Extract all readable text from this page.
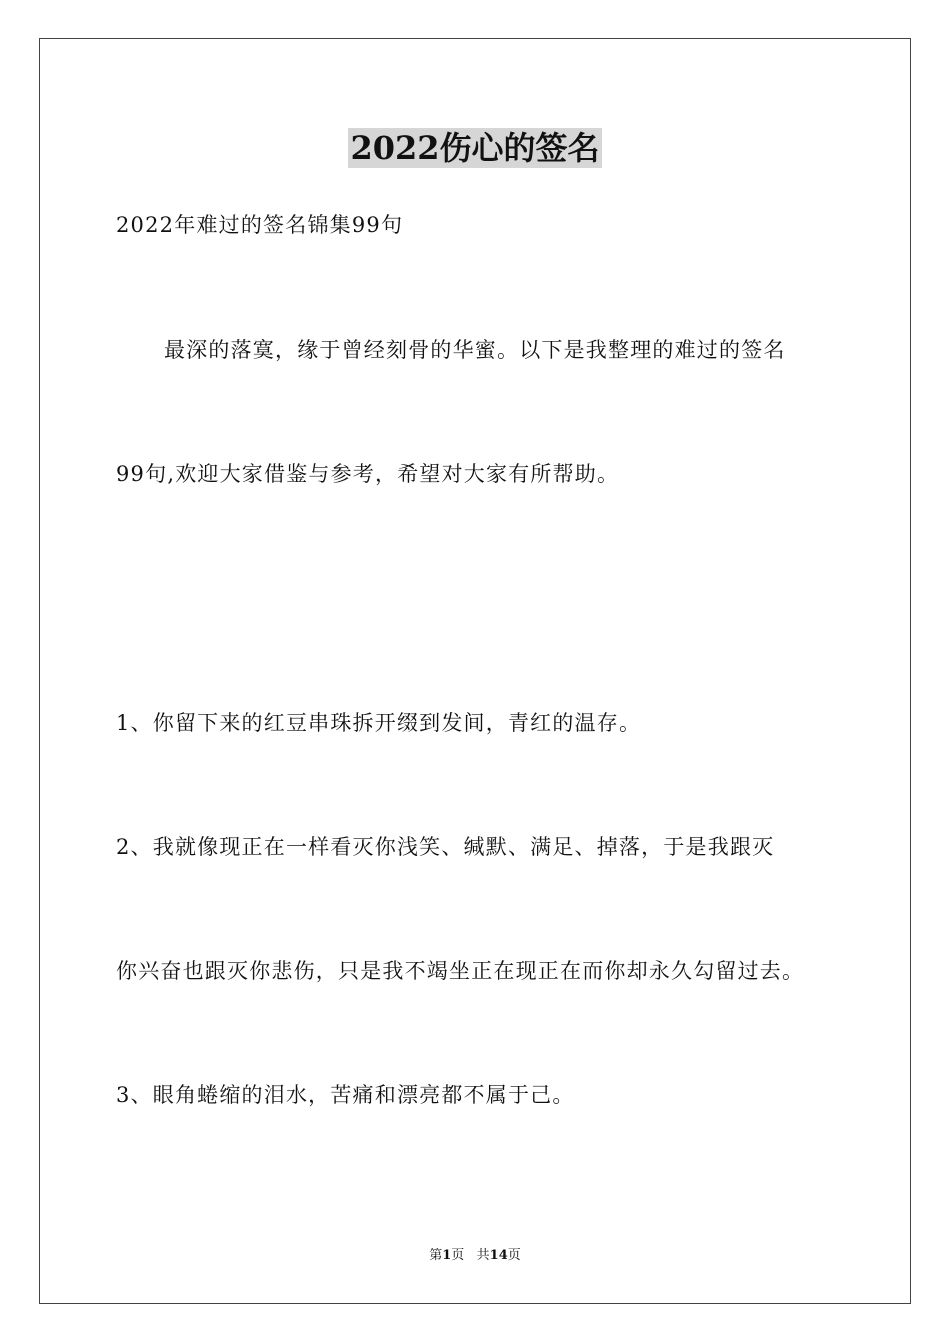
2022伤心的签名
2022年难过的签名锦集99句
最深的落寞，缘于曾经刻骨的华蜜。以下是我整理的难过的签名
99句,欢迎大家借鉴与参考，希望对大家有所帮助。
1、你留下来的红豆串珠拆开缀到发间，青红的温存。
2、我就像现正在一样看灭你浅笑、缄默、满足、掉落，于是我跟灭
你兴奋也跟灭你悲伤，只是我不竭坐正在现正在而你却永久勾留过去。
3、眼角蜷缩的泪水，苦痛和漂亮都不属于己。
第1页   共14页
